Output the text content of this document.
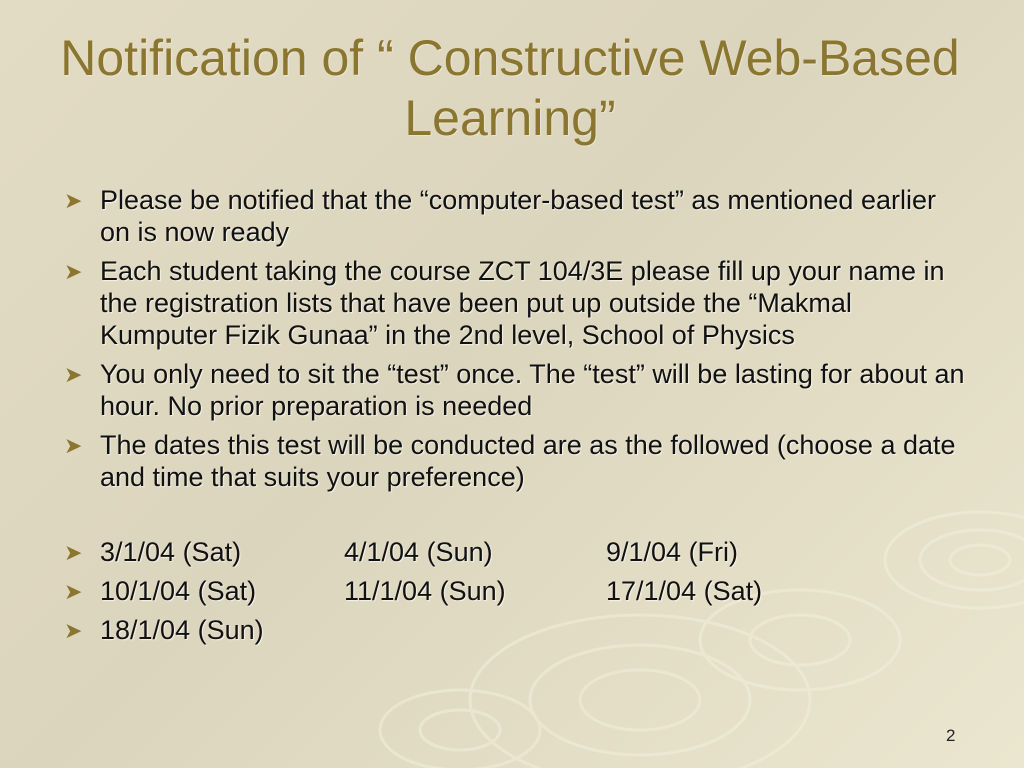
Notification of “ Constructive Web-Based Learning”
➤ Please be notified that the “computer-based test” as mentioned earlier on is now ready
➤ Each student taking the course ZCT 104/3E please fill up your name in the registration lists that have been put up outside the “Makmal Kumputer Fizik Gunaa” in the 2nd level, School of Physics
➤ You only need to sit the “test” once. The “test” will be lasting for about an hour. No prior preparation is needed
➤ The dates this test will be conducted are as the followed (choose a date and time that suits your preference)
➤ 3/1/04 (Sat)	4/1/04 (Sun)	9/1/04 (Fri)
➤ 10/1/04 (Sat)	11/1/04 (Sun)	17/1/04 (Sat)
➤ 18/1/04 (Sun)
2
